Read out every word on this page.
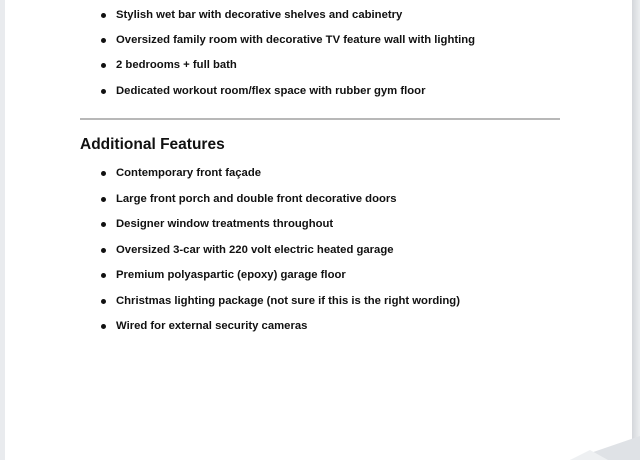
Stylish wet bar with decorative shelves and cabinetry
Oversized family room with decorative TV feature wall with lighting
2 bedrooms + full bath
Dedicated workout room/flex space with rubber gym floor
Additional Features
Contemporary front façade
Large front porch and double front decorative doors
Designer window treatments throughout
Oversized 3-car with 220 volt electric heated garage
Premium polyaspartic (epoxy) garage floor
Christmas lighting package (not sure if this is the right wording)
Wired for external security cameras
